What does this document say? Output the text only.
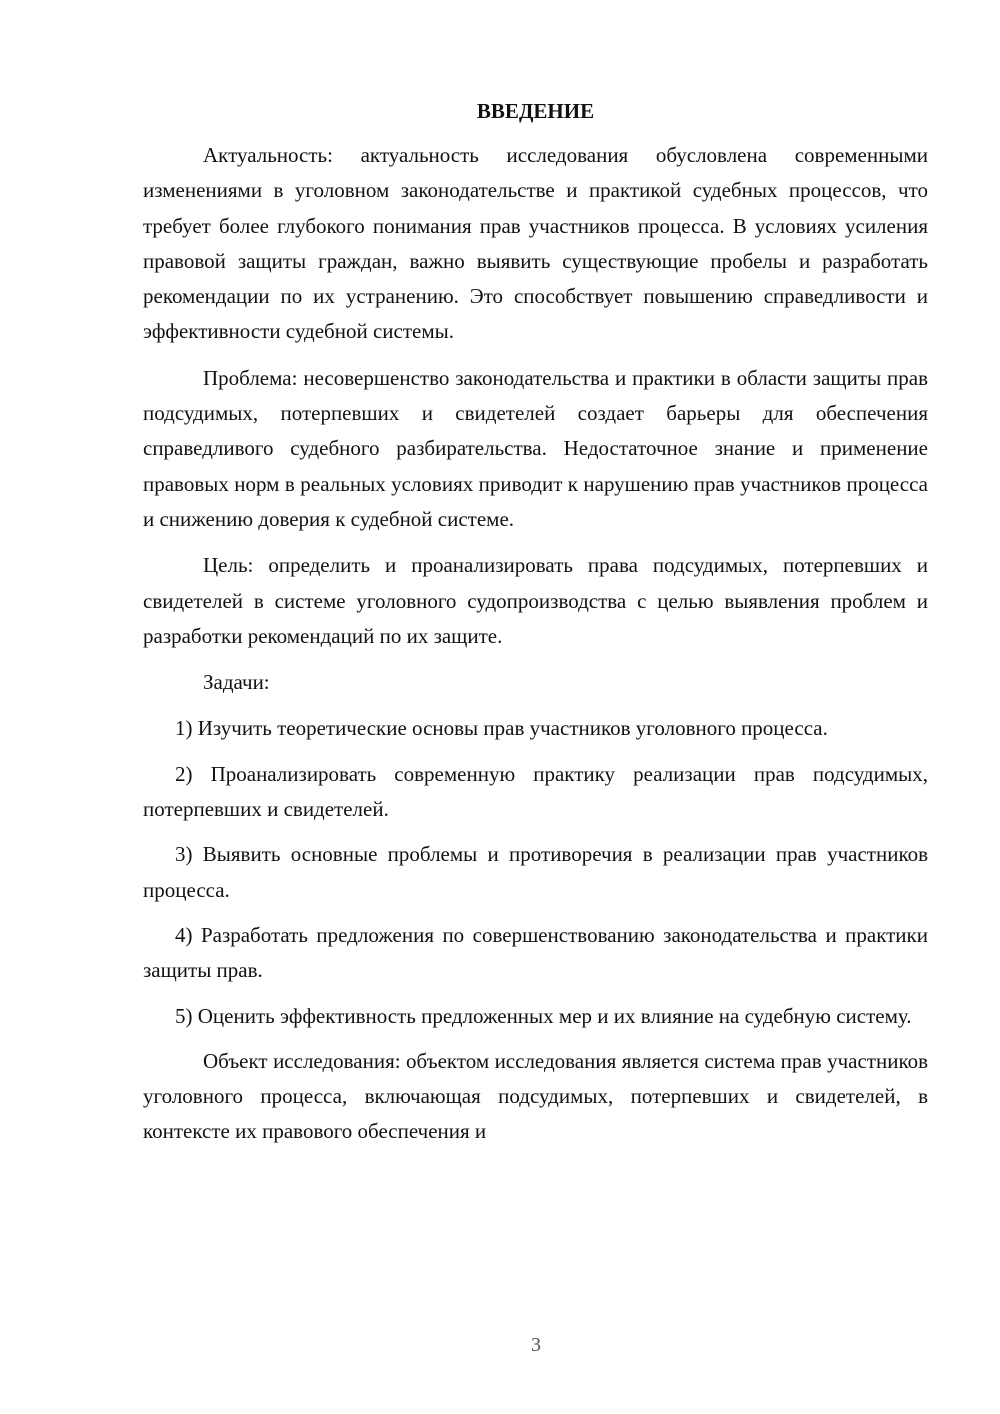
ВВЕДЕНИЕ

Актуальность: актуальность исследования обусловлена современными изменениями в уголовном законодательстве и практикой судебных процессов, что требует более глубокого понимания прав участников процесса. В условиях усиления правовой защиты граждан, важно выявить существующие пробелы и разработать рекомендации по их устранению. Это способствует повышению справедливости и эффективности судебной системы.

Проблема: несовершенство законодательства и практики в области защиты прав подсудимых, потерпевших и свидетелей создает барьеры для обеспечения справедливого судебного разбирательства. Недостаточное знание и применение правовых норм в реальных условиях приводит к нарушению прав участников процесса и снижению доверия к судебной системе.

Цель: определить и проанализировать права подсудимых, потерпевших и свидетелей в системе уголовного судопроизводства с целью выявления проблем и разработки рекомендаций по их защите.

Задачи:

1) Изучить теоретические основы прав участников уголовного процесса.

2) Проанализировать современную практику реализации прав подсудимых, потерпевших и свидетелей.

3) Выявить основные проблемы и противоречия в реализации прав участников процесса.

4) Разработать предложения по совершенствованию законодательства и практики защиты прав.

5) Оценить эффективность предложенных мер и их влияние на судебную систему.

Объект исследования: объектом исследования является система прав участников уголовного процесса, включающая подсудимых, потерпевших и свидетелей, в контексте их правового обеспечения и

3
